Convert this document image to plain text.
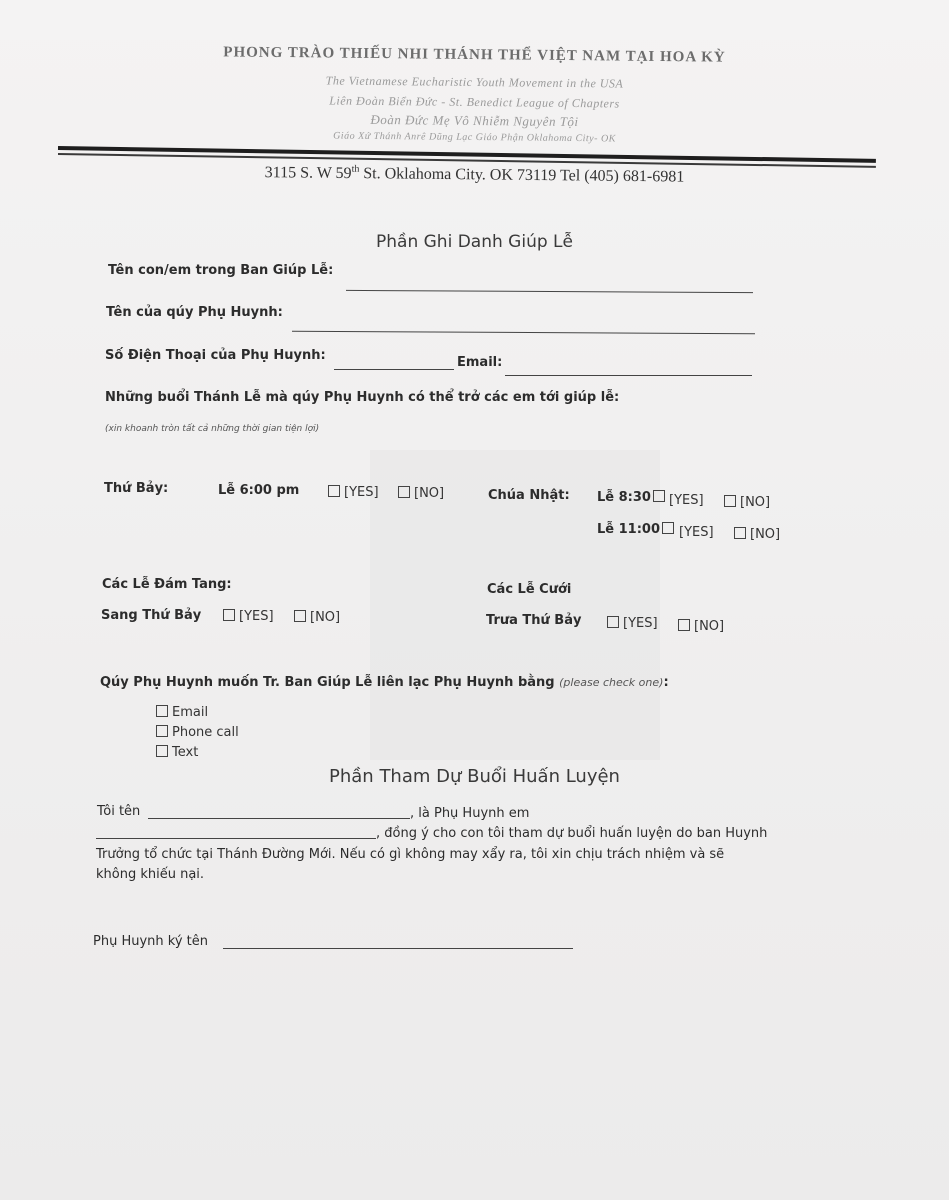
PHONG TRÀO THIẾU NHI THÁNH THỂ VIỆT NAM TẠI HOA KỲ
The Vietnamese Eucharistic Youth Movement in the USA
Liên Đoàn Biển Đức - St. Benedict League of Chapters
Đoàn Đức Mẹ Vô Nhiễm Nguyên Tội
Giáo Xứ Thánh Anrê Dũng Lạc Giáo Phận Oklahoma City- OK
3115 S. W 59th St. Oklahoma City. OK 73119 Tel (405) 681-6981
Phần Ghi Danh Giúp Lễ
Tên con/em trong Ban Giúp Lễ:
Tên của qúy Phụ Huynh:
Số Điện Thoại của Phụ Huynh:	Email:
Những buổi Thánh Lễ mà qúy Phụ Huynh có thể trở các em tới giúp lễ:
(xin khoanh tròn tất cả những thời gian tiện lợi)
Thứ Bảy:	Lễ 6:00 pm	[YES]	[NO]	Chúa Nhật: Lễ 8:30	[YES]	[NO]
Lễ 11:00	[YES]	[NO]
Các Lễ Đám Tang:
Sang Thứ Bảy	[YES]	[NO]
Các Lễ Cưới
Trưa Thứ Bảy	[YES]	[NO]
Qúy Phụ Huynh muốn Tr. Ban Giúp Lễ liên lạc Phụ Huynh bằng (please check one):
Email
Phone call
Text
Phần Tham Dự Buổi Huấn Luyện
Tôi tên	, là Phụ Huynh em
, đồng ý cho con tôi tham dự buổi huấn luyện do ban Huynh
Trưởng tổ chức tại Thánh Đường Mới. Nếu có gì không may xẩy ra, tôi xin chịu trách nhiệm và sẽ
không khiếu nại.
Phụ Huynh ký tên
